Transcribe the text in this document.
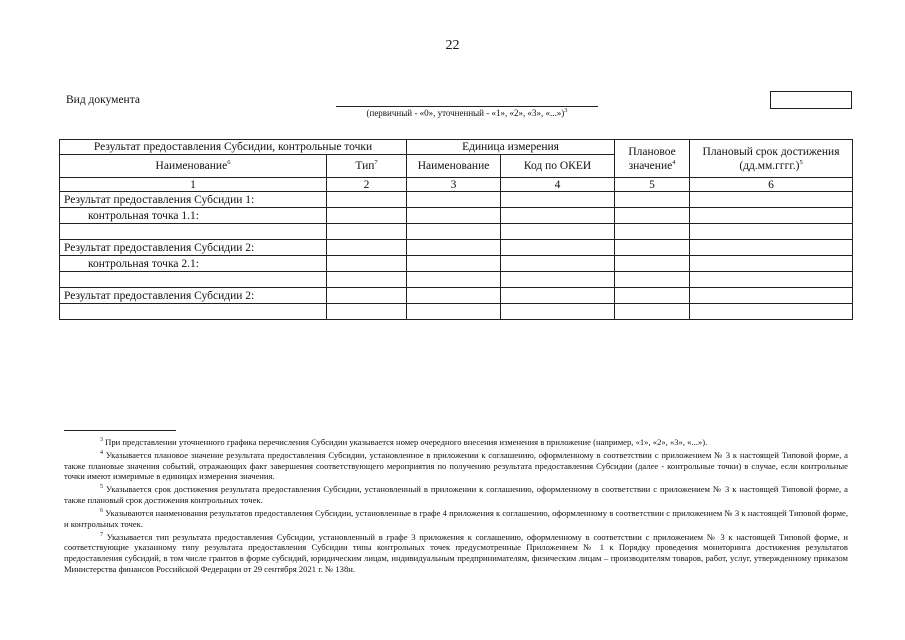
22
Вид документа
(первичный - «0», уточненный - «1», «2», «3», «...»)$^3$
Результат предоставления Субсидии, контрольные точки		Единица измерения		Плановое значение$^4$	Плановый срок достижения (дд.мм.гггг.)$^5$
Наименование$^6$	Тип$^7$	Наименование	Код по ОКЕИ		
1	2	3	4	5	6
Результат предоставления Субсидии 1:					
контрольная точка 1.1:					

Результат предоставления Субсидии 2:					
контрольная точка 2.1:					

Результат предоставления Субсидии 2:					

$^3$ При представлении уточненного графика перечисления Субсидии указывается номер очередного внесения изменения в приложение (например, «1», «2», «3», «...»).

$^4$ Указывается плановое значение результата предоставления Субсидии, установленное в приложении к соглашению, оформленному в соответствии с приложением № 3 к настоящей Типовой форме, а также плановые значения событий, отражающих факт завершения соответствующего мероприятия по получению результата предоставления Субсидии (далее - контрольные точки) в случае, если контрольные точки имеют измеримые в единицах измерения значения.

$^5$ Указывается срок достижения результата предоставления Субсидии, установленный в приложении к соглашению, оформленному в соответствии с приложением № 3 к настоящей Типовой форме, а также плановый срок достижения контрольных точек.

$^6$ Указываются наименования результатов предоставления Субсидии, установленные в графе 4 приложения к соглашению, оформленному в соответствии с приложением № 3 к настоящей Типовой форме, и контрольных точек.

$^7$ Указывается тип результата предоставления Субсидии, установленный в графе 3 приложения к соглашению, оформленному в соответствии с приложением № 3 к настоящей Типовой форме, и соответствующие указанному типу результата предоставления Субсидии типы контрольных точек предусмотренные Приложением № 1 к Порядку проведения мониторинга достижения результатов предоставления субсидий, в том числе грантов в форме субсидий, юридическим лицам, индивидуальным предпринимателям, физическим лицам – производителям товаров, работ, услуг, утвержденному приказом Министерства финансов Российской Федерации от 29 сентября 2021 г. № 138н.
